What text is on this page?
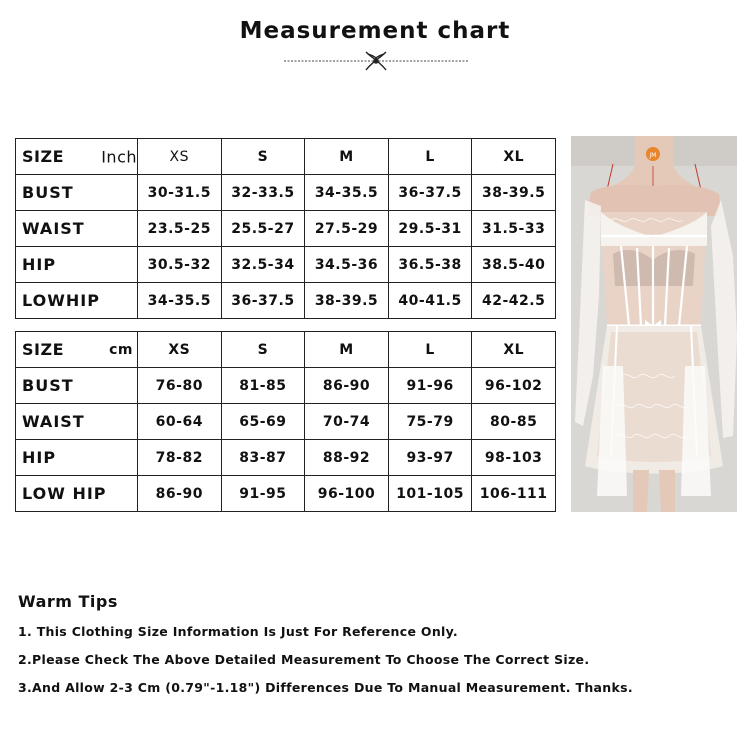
Measurement chart
SIZE Inch	XS	S	M	L	XL
BUST	30-31.5	32-33.5	34-35.5	36-37.5	38-39.5
WAIST	23.5-25	25.5-27	27.5-29	29.5-31	31.5-33
HIP	30.5-32	32.5-34	34.5-36	36.5-38	38.5-40
LOWHIP	34-35.5	36-37.5	38-39.5	40-41.5	42-42.5
SIZE cm	XS	S	M	L	XL
BUST	76-80	81-85	86-90	91-96	96-102
WAIST	60-64	65-69	70-74	75-79	80-85
HIP	78-82	83-87	88-92	93-97	98-103
LOW HIP	86-90	91-95	96-100	101-105	106-111
JM
Warm Tips
1. This Clothing Size Information Is Just For Reference Only.
2.Please Check The Above Detailed Measurement To Choose The Correct Size.
3.And Allow 2-3 Cm (0.79"-1.18") Differences Due To Manual Measurement. Thanks.
